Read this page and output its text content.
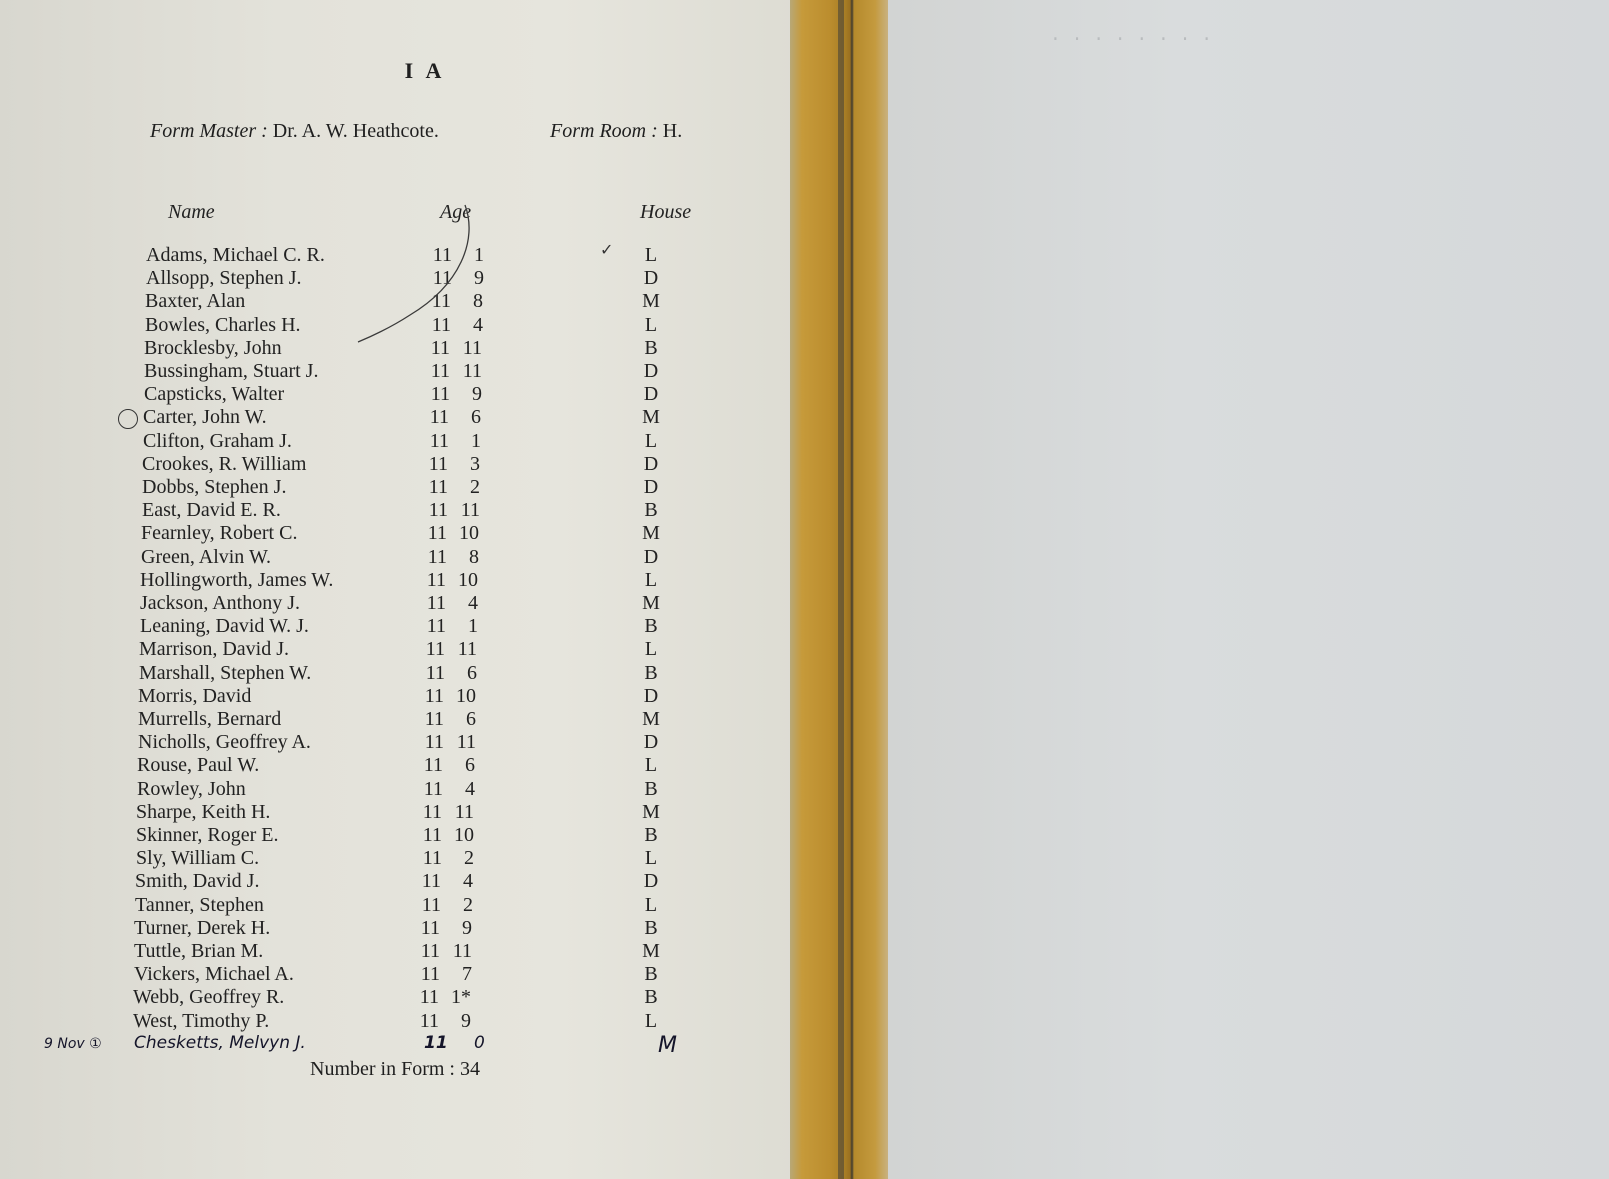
I A
Form Master : Dr. A. W. Heathcote.	Form Room : H.
Name	Age	House
Adams, Michael C. R.	11	1	L
Allsopp, Stephen J.	11	9	D
Baxter, Alan	11	8	M
Bowles, Charles H.	11	4	L
Brocklesby, John	11 11	B
Bussingham, Stuart J.	11 11	D
Capsticks, Walter	11	9	D
Carter, John W.	11	6	M
Clifton, Graham J.	11	1	L
Crookes, R. William	11	3	D
Dobbs, Stephen J.	11	2	D
East, David E. R.	11 11	B
Fearnley, Robert C.	11 10	M
Green, Alvin W.	11	8	D
Hollingworth, James W.	11 10	L
Jackson, Anthony J.	11	4	M
Leaning, David W. J.	11	1	B
Marrison, David J.	11 11	L
Marshall, Stephen W.	11	6	B
Morris, David	11 10	D
Murrells, Bernard	11	6	M
Nicholls, Geoffrey A.	11 11	D
Rouse, Paul W.	11	6	L
Rowley, John	11	4	B
Sharpe, Keith H.	11 11	M
Skinner, Roger E.	11 10	B
Sly, William C.	11	2	L
Smith, David J.	11	4	D
Tanner, Stephen	11	2	L
Turner, Derek H.	11	9	B
Tuttle, Brian M.	11 11	M
Vickers, Michael A.	11	7	B
Webb, Geoffrey R.	11 1*	B
West, Timothy P.	11	9	L
✓
9 Nov ① Chesketts, Melvyn J.	11 0	M
Number in Form : 34
· · · · · · · ·
